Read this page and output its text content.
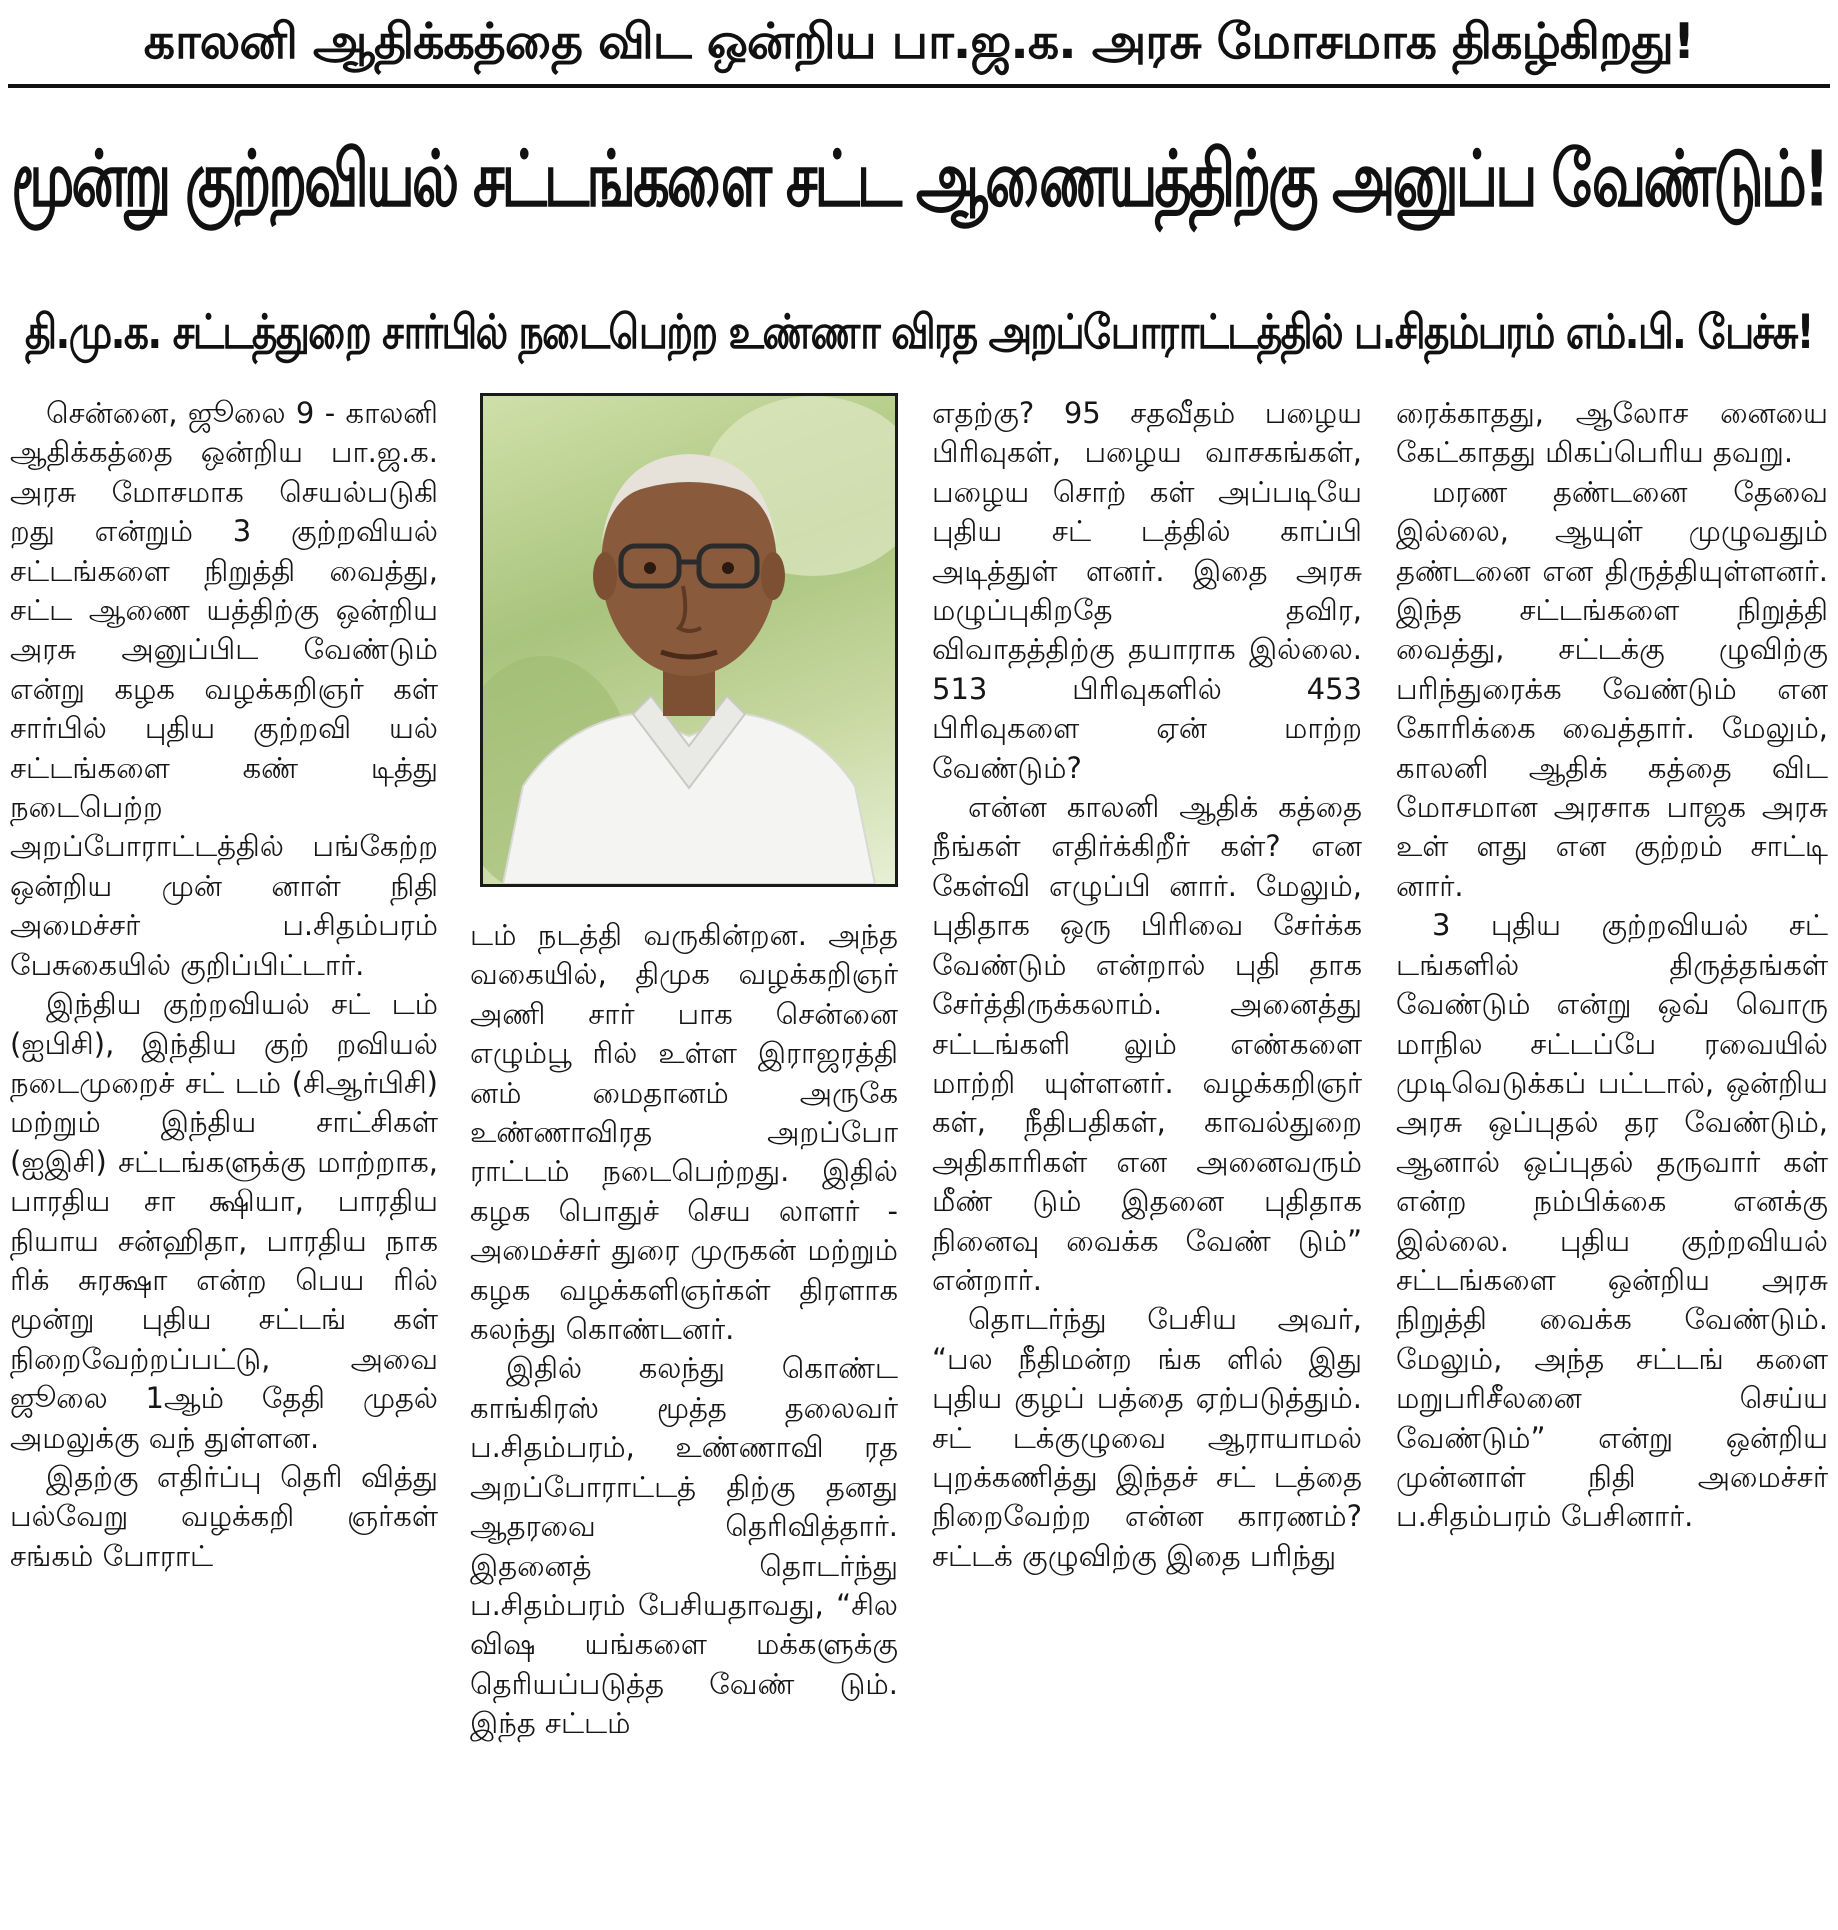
காலனி ஆதிக்கத்தை விட ஒன்றிய பா.ஜ.க. அரசு மோசமாக திகழ்கிறது!
மூன்று குற்றவியல் சட்டங்களை சட்ட ஆணையத்திற்கு அனுப்ப வேண்டும்!
தி.மு.க. சட்டத்துறை சார்பில் நடைபெற்ற உண்ணா விரத அறப்போராட்டத்தில் ப.சிதம்பரம் எம்.பி. பேச்சு!

சென்னை, ஜூலை 9 - காலனி ஆதிக்கத்தை ஒன்றிய பா.ஜ.க. அரசு மோசமாக செயல்படுகி றது என்றும் 3 குற்றவியல் சட்டங்களை நிறுத்தி வைத்து, சட்ட ஆணை யத்திற்கு ஒன்றிய அரசு அனுப்பிட வேண்டும் என்று கழக வழக்கறிஞர் கள் சார்பில் புதிய குற்றவி யல் சட்டங்களை கண் டித்து நடைபெற்ற அறப்போராட்டத்தில் பங்கேற்ற ஒன்றிய முன் னாள் நிதி அமைச்சர் ப.சிதம்பரம் பேசுகையில் குறிப்பிட்டார்.

இந்திய குற்றவியல் சட் டம் (ஐபிசி), இந்திய குற் றவியல் நடைமுறைச் சட் டம் (சிஆர்பிசி) மற்றும் இந்திய சாட்சிகள் (ஐஇசி) சட்டங்களுக்கு மாற்றாக, பாரதிய சா க்ஷியா, பாரதிய நியாய சன்ஹிதா, பாரதிய நாக ரிக் சுரக்ஷா என்ற பெய ரில் மூன்று புதிய சட்டங் கள் நிறைவேற்றப்பட்டு, அவை ஜூலை 1ஆம் தேதி முதல் அமலுக்கு வந் துள்ளன.

இதற்கு எதிர்ப்பு தெரி வித்து பல்வேறு வழக்கறி ஞர்கள் சங்கம் போராட்

டம் நடத்தி வருகின்றன. அந்த வகையில், திமுக வழக்கறிஞர் அணி சார் பாக சென்னை எழும்பூ ரில் உள்ள இராஜரத்தி னம் மைதானம் அருகே உண்ணாவிரத அறப்போ ராட்டம் நடைபெற்றது. இதில் கழக பொதுச் செய லாளர் - அமைச்சர் துரை முருகன் மற்றும் கழக வழக்களிஞர்கள் திரளாக கலந்து கொண்டனர்.

இதில் கலந்து கொண்ட காங்கிரஸ் மூத்த தலைவர் ப.சிதம்பரம், உண்ணாவி ரத அறப்போராட்டத் திற்கு தனது ஆதரவை தெரிவித்தார். இதனைத் தொடர்ந்து ப.சிதம்பரம் பேசியதாவது, “சில விஷ யங்களை மக்களுக்கு தெரியப்படுத்த வேண் டும். இந்த சட்டம்

எதற்கு? 95 சதவீதம் பழைய பிரிவுகள், பழைய வாசகங்கள், பழைய சொற் கள் அப்படியே புதிய சட் டத்தில் காப்பி அடித்துள் ளனர். இதை அரசு மழுப்புகிறதே தவிர, விவாதத்திற்கு தயாராக இல்லை. 513 பிரிவுகளில் 453 பிரிவுகளை ஏன் மாற்ற வேண்டும்?

என்ன காலனி ஆதிக் கத்தை நீங்கள் எதிர்க்கிறீர் கள்? என கேள்வி எழுப்பி னார். மேலும், புதிதாக ஒரு பிரிவை சேர்க்க வேண்டும் என்றால் புதி தாக சேர்த்திருக்கலாம். அனைத்து சட்டங்களி லும் எண்களை மாற்றி யுள்ளனர். வழக்கறிஞர் கள், நீதிபதிகள், காவல்துறை அதிகாரிகள் என அனைவரும் மீண் டும் இதனை புதிதாக நினைவு வைக்க வேண் டும்” என்றார்.

தொடர்ந்து பேசிய அவர், “பல நீதிமன்ற ங்க ளில் இது புதிய குழப் பத்தை ஏற்படுத்தும். சட் டக்குழுவை ஆராயாமல் புறக்கணித்து இந்தச் சட் டத்தை நிறைவேற்ற என்ன காரணம்? சட்டக் குழுவிற்கு இதை பரிந்து

ரைக்காதது, ஆலோச னையை கேட்காதது மிகப்பெரிய தவறு.

மரண தண்டனை தேவை இல்லை, ஆயுள் முழுவதும் தண்டனை என திருத்தியுள்ளனர். இந்த சட்டங்களை நிறுத்தி வைத்து, சட்டக்கு ழுவிற்கு பரிந்துரைக்க வேண்டும் என கோரிக்கை வைத்தார். மேலும், காலனி ஆதிக் கத்தை விட மோசமான அரசாக பாஜக அரசு உள் ளது என குற்றம் சாட்டி னார்.

3 புதிய குற்றவியல் சட் டங்களில் திருத்தங்கள் வேண்டும் என்று ஒவ் வொரு மாநில சட்டப்பே ரவையில் முடிவெடுக்கப் பட்டால், ஒன்றிய அரசு ஒப்புதல் தர வேண்டும், ஆனால் ஒப்புதல் தருவார் கள் என்ற நம்பிக்கை எனக்கு இல்லை. புதிய குற்றவியல் சட்டங்களை ஒன்றிய அரசு நிறுத்தி வைக்க வேண்டும். மேலும், அந்த சட்டங் களை மறுபரிசீலனை செய்ய வேண்டும்” என்று ஒன்றிய முன்னாள் நிதி அமைச்சர் ப.சிதம்பரம் பேசினார்.
